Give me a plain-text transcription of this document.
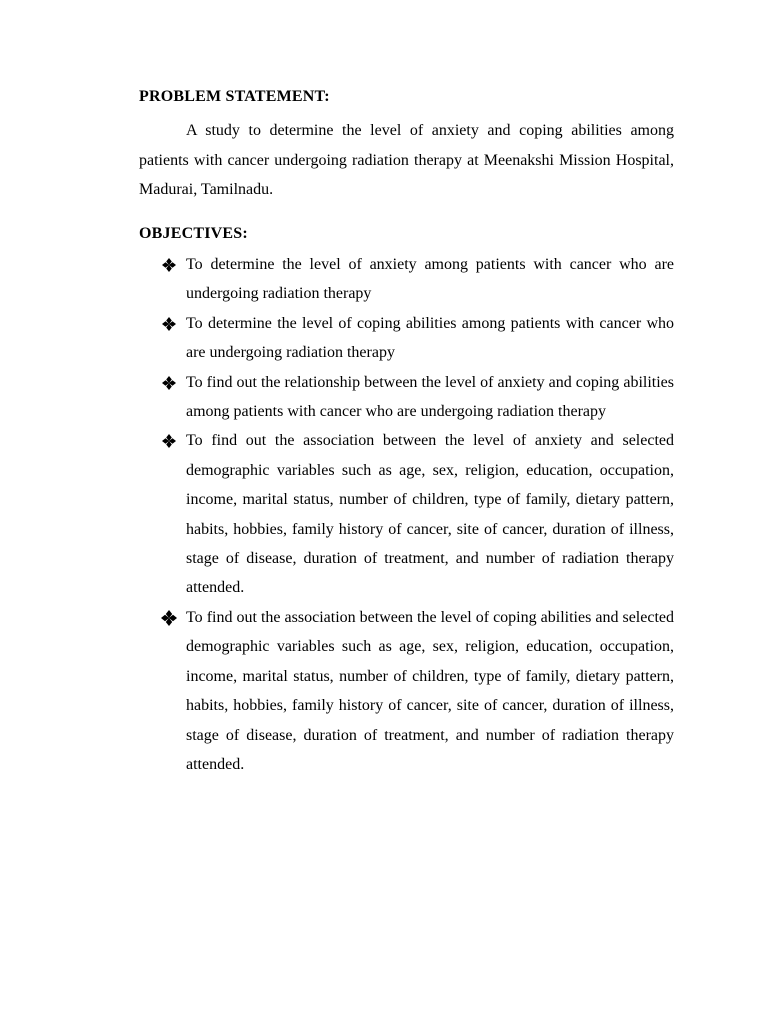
PROBLEM STATEMENT:

A study to determine the level of anxiety and coping abilities among patients with cancer undergoing radiation therapy at Meenakshi Mission Hospital, Madurai, Tamilnadu.

OBJECTIVES:
To determine the level of anxiety among patients with cancer who are undergoing radiation therapy
To determine the level of coping abilities among patients with cancer who are undergoing radiation therapy
To find out the relationship between the level of anxiety and coping abilities among patients with cancer who are undergoing radiation therapy
To find out the association between the level of anxiety and selected demographic variables such as age, sex, religion, education, occupation, income, marital status, number of children, type of family, dietary pattern, habits, hobbies, family history of cancer, site of cancer, duration of illness, stage of disease, duration of treatment, and number of radiation therapy attended.
To find out the association between the level of coping abilities and selected demographic variables such as age, sex, religion, education, occupation, income, marital status, number of children, type of family, dietary pattern, habits, hobbies, family history of cancer, site of cancer, duration of illness, stage of disease, duration of treatment, and number of radiation therapy attended.
